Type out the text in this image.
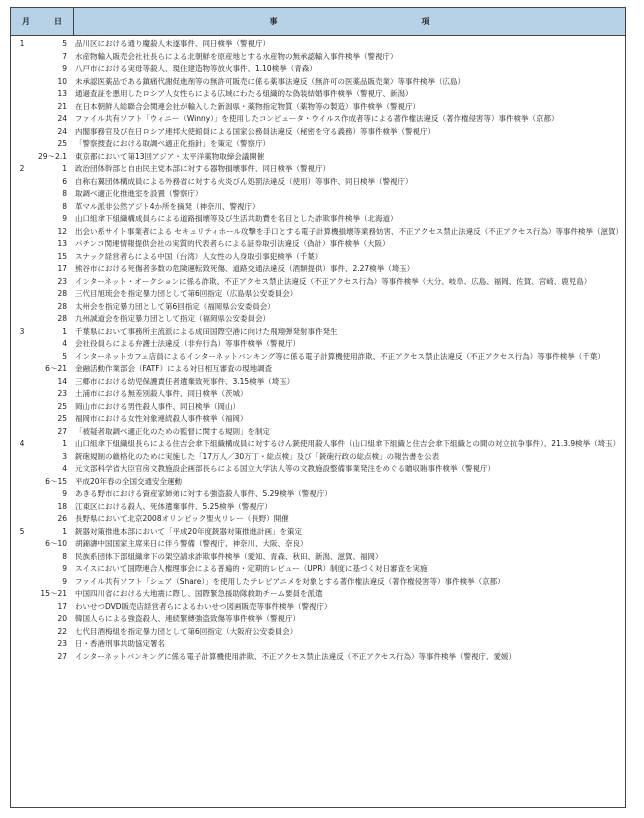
月　　　日	事　　　　　　　　　　　　　　　　　　項
1	5 品川区における通り魔殺人未遂事件、同日検挙（警視庁）
7 水産物輸入販売会社社長らによる北朝鮮を原産地とする水産物の無承認輸入事件検挙（警視庁）
9 八戸市における実母等殺人、現住建造物等放火事件、1.10検挙（青森）
10 未承認医薬品である鎮痛代謝促進剤等の無許可販売に係る薬事法違反（無許可の医薬品販売業）等事件検挙（広島）
13 通過査証を悪用したロシア人女性らによる広域にわたる組織的な偽装結婚事件検挙（警視庁、新潟）
21 在日本朝鮮人総聯合会関連会社が輸入した新潟県・薬物指定物質（薬物等の製造）事件検挙（警視庁）
24 ファイル共有ソフト「ウィニー（Winny）」を使用したコンピュータ・ウイルス作成者等による著作権法違反（著作権侵害等）事件検挙（京都）
24 内閣事務官及び在日ロシア連邦大使館員による国家公務員法違反（秘密を守る義務）等事件検挙（警視庁）
25 「警察捜査における取調べ適正化指針」を策定（警察庁）
29～2.1 東京都において第13回アジア・太平洋薬物取締会議開催
2	1 政治団体幹部と自由民主党本部に対する器物損壊事件、同日検挙（警視庁）
6 自称右翼団体構成員による外務省に対する火炎びん処罰法違反（使用）等事件、同日検挙（警視庁）
8 取調べ適正化推進室を設置（警察庁）
8 革マル派非公然アジト4か所を摘発（神奈川、警視庁）
9 山口組傘下組織構成員らによる道路損壊等及び生活共助費を名目とした詐欺事件検挙（北海道）
12 出会い系サイト事業者による セキュリティホール攻撃を手口とする電子計算機損壊等業務妨害、不正アクセス禁止法違反（不正アクセス行為）等事件検挙（滋賀）
13 パチンコ関連情報提供会社の実質的代表者らによる証券取引法違反（偽計）事件検挙（大阪）
15 スナック経営者らによる中国（台湾）人女性の人身取引事犯検挙（千葉）
17 熊谷市における死傷者多数の危険運転致死傷、道路交通法違反（酒類提供）事件、2.27検挙（埼玉）
23 インターネット・オークションに係る詐欺、不正アクセス禁止法違反（不正アクセス行為）等事件検挙（大分、岐阜、広島、福岡、佐賀、宮崎、鹿児島）
28 三代目旭琉会を指定暴力団として第6回指定（広島県公安委員会）
28 太州会を指定暴力団として第6回指定（福岡県公安委員会）
28 九州誠道会を指定暴力団として指定（福岡県公安委員会）
3	1 千葉県において事務所主流派による成田国際空港に向けた飛翔弾発射事件発生
4 会社役員らによる弁護士法違反（非弁行為）等事件検挙（警視庁）
5 インターネットカフェ店員によるインターネットバンキング等に係る電子計算機使用詐欺、不正アクセス禁止法違反（不正アクセス行為）等事件検挙（千葉）
6～21 金融活動作業部会（FATF）による対日相互審査の現地調査
14 三郷市における幼児保護責任者遺棄致死事件、3.15検挙（埼玉）
23 土浦市における無差別殺人事件、同日検挙（茨城）
25 岡山市における男性殺人事件、同日検挙（岡山）
25 福岡市における女性対象連続殺人事件検挙（福岡）
27 「被疑者取調べ適正化のための監督に関する規則」を制定
4	1 山口組傘下組織組長らによる住吉会傘下組織構成員に対するけん銃使用殺人事件（山口組傘下組織と住吉会傘下組織との間の対立抗争事件）、21.3.9検挙（埼玉）
3 銃砲規制の厳格化のために実施した「17万人／30万丁・総点検」及び「銃砲行政の総点検」の報告書を公表
4 元文部科学省大臣官房文教施設企画部長らによる国立大学法人等の文教施設整備事業発注をめぐる贈収賄事件検挙（警視庁）
6～15 平成20年春の全国交通安全運動
9 あきる野市における資産家姉弟に対する強盗殺人事件、5.29検挙（警視庁）
18 江東区における殺人、死体遺棄事件、5.25検挙（警視庁）
26 長野県において北京2008オリンピック聖火リレー（長野）開催
5	1 銃器対策推進本部において「平成20年度銃器対策推進計画」を策定
6～10 胡錦濤中国国家主席来日に伴う警備（警視庁、神奈川、大阪、奈良）
8 民族系団体下部組織傘下の架空請求詐欺事件検挙（愛知、青森、秋田、新潟、滋賀、福岡）
9 スイスにおいて国際連合人権理事会による普遍的・定期的レビュー（UPR）制度に基づく対日審査を実施
9 ファイル共有ソフト「シェア（Share）」を使用したテレビアニメを対象とする著作権法違反（著作権侵害等）事件検挙（京都）
15～21 中国四川省における大地震に際し、国際緊急援助隊救助チーム要員を派遣
17 わいせつDVD販売店経営者らによるわいせつ図画販売等事件検挙（警視庁）
20 韓国人らによる強盗殺人、連続緊縛強盗致傷等事件検挙（警視庁）
22 七代目酒梅組を指定暴力団として第6回指定（大阪府公安委員会）
23 日・香港刑事共助協定署名
27 インターネットバンキングに係る電子計算機使用詐欺、不正アクセス禁止法違反（不正アクセス行為）等事件検挙（警視庁、愛媛）
